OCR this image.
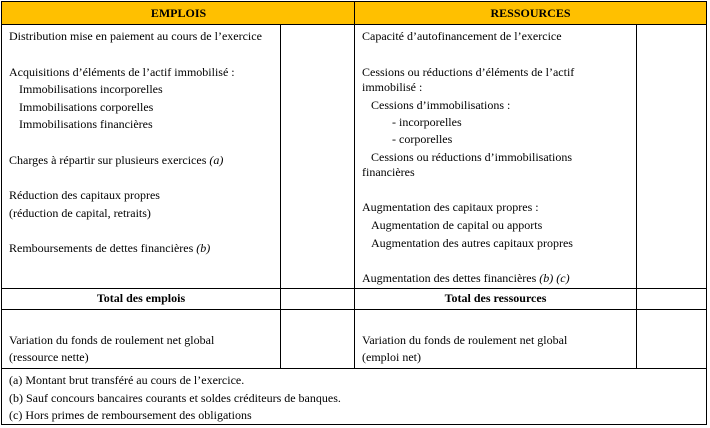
EMPLOIS	RESSOURCES
Distribution mise en paiement au cours de l’exercice
Acquisitions d’éléments de l’actif immobilisé :
Immobilisations incorporelles
Immobilisations corporelles
Immobilisations financières
Charges à répartir sur plusieurs exercices (a)
Réduction des capitaux propres
(réduction de capital, retraits)
Remboursements de dettes financières (b)
Total des emplois
Variation du fonds de roulement net global
(ressource nette)
Capacité d’autofinancement de l’exercice
Cessions ou réductions d’éléments de l’actif
immobilisé :
Cessions d’immobilisations :
- incorporelles
- corporelles
Cessions ou réductions d’immobilisations
financières
Augmentation des capitaux propres :
Augmentation de capital ou apports
Augmentation des autres capitaux propres
Augmentation des dettes financières (b) (c)
Total des ressources
Variation du fonds de roulement net global
(emploi net)
(a) Montant brut transféré au cours de l’exercice.
(b) Sauf concours bancaires courants et soldes créditeurs de banques.
(c) Hors primes de remboursement des obligations
